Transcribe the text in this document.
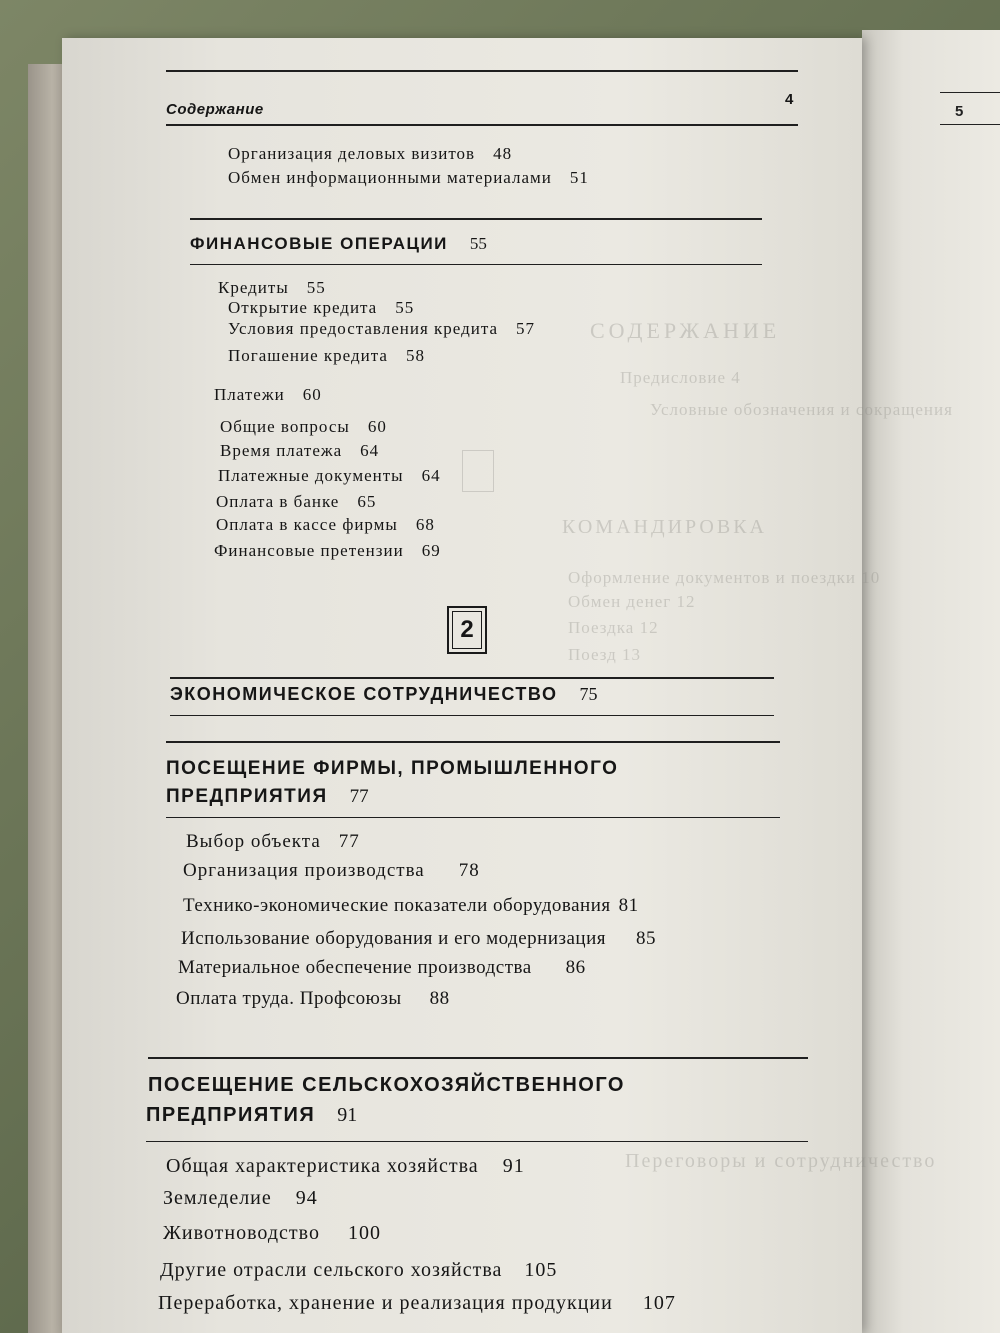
5
СОДЕРЖАНИЕ
Предисловие 4
Условные обозначения и сокращения
КОМАНДИРОВКА
Оформление документов и поездки 10
Обмен денег 12
Поездка 12
Поезд 13
Переговоры и сотрудничество
Содержание
4
Организация деловых визитов 48
Обмен информационными материалами 51
ФИНАНСОВЫЕ ОПЕРАЦИИ 55
Кредиты 55
Открытие кредита 55
Условия предоставления кредита 57
Погашение кредита 58
Платежи 60
Общие вопросы 60
Время платежа 64
Платежные документы 64
Оплата в банке 65
Оплата в кассе фирмы 68
Финансовые претензии 69
2
ЭКОНОМИЧЕСКОЕ СОТРУДНИЧЕСТВО 75
ПОСЕЩЕНИЕ ФИРМЫ, ПРОМЫШЛЕННОГО
ПРЕДПРИЯТИЯ 77
Выбор объекта 77
Организация производства 78
Технико-экономические показатели оборудования 81
Использование оборудования и его модернизация 85
Материальное обеспечение производства 86
Оплата труда. Профсоюзы 88
ПОСЕЩЕНИЕ СЕЛЬСКОХОЗЯЙСТВЕННОГО
ПРЕДПРИЯТИЯ 91
Общая характеристика хозяйства 91
Земледелие 94
Животноводство 100
Другие отрасли сельского хозяйства 105
Переработка, хранение и реализация продукции 107
